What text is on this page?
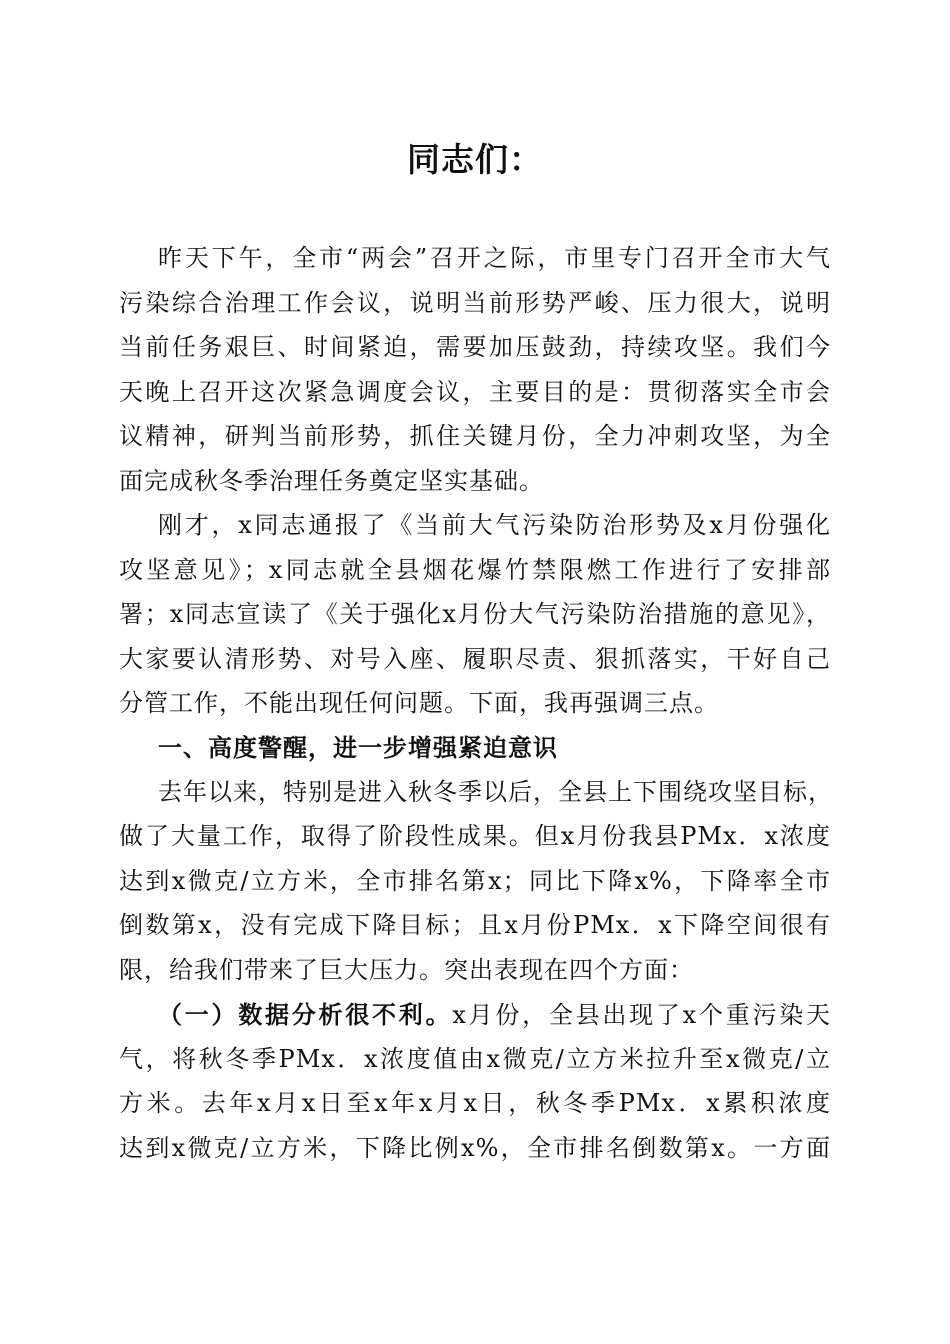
同志们：
昨天下午，全市“两会”召开之际，市里专门召开全市大气
污染综合治理工作会议，说明当前形势严峻、压力很大，说明
当前任务艰巨、时间紧迫，需要加压鼓劲，持续攻坚。我们今
天晚上召开这次紧急调度会议，主要目的是：贯彻落实全市会
议精神，研判当前形势，抓住关键月份，全力冲刺攻坚，为全
面完成秋冬季治理任务奠定坚实基础。
刚才，x同志通报了《当前大气污染防治形势及x月份强化
攻坚意见》；x同志就全县烟花爆竹禁限燃工作进行了安排部
署；x同志宣读了《关于强化x月份大气污染防治措施的意见》，
大家要认清形势、对号入座、履职尽责、狠抓落实，干好自己
分管工作，不能出现任何问题。下面，我再强调三点。
一、高度警醒，进一步增强紧迫意识
去年以来，特别是进入秋冬季以后，全县上下围绕攻坚目标，
做了大量工作，取得了阶段性成果。但x月份我县PMx．x浓度
达到x微克/立方米，全市排名第x；同比下降x%，下降率全市
倒数第x，没有完成下降目标；且x月份PMx．x下降空间很有
限，给我们带来了巨大压力。突出表现在四个方面：
（一）数据分析很不利。x月份，全县出现了x个重污染天
气，将秋冬季PMx．x浓度值由x微克/立方米拉升至x微克/立
方米。去年x月x日至x年x月x日，秋冬季PMx．x累积浓度
达到x微克/立方米，下降比例x%，全市排名倒数第x。一方面
